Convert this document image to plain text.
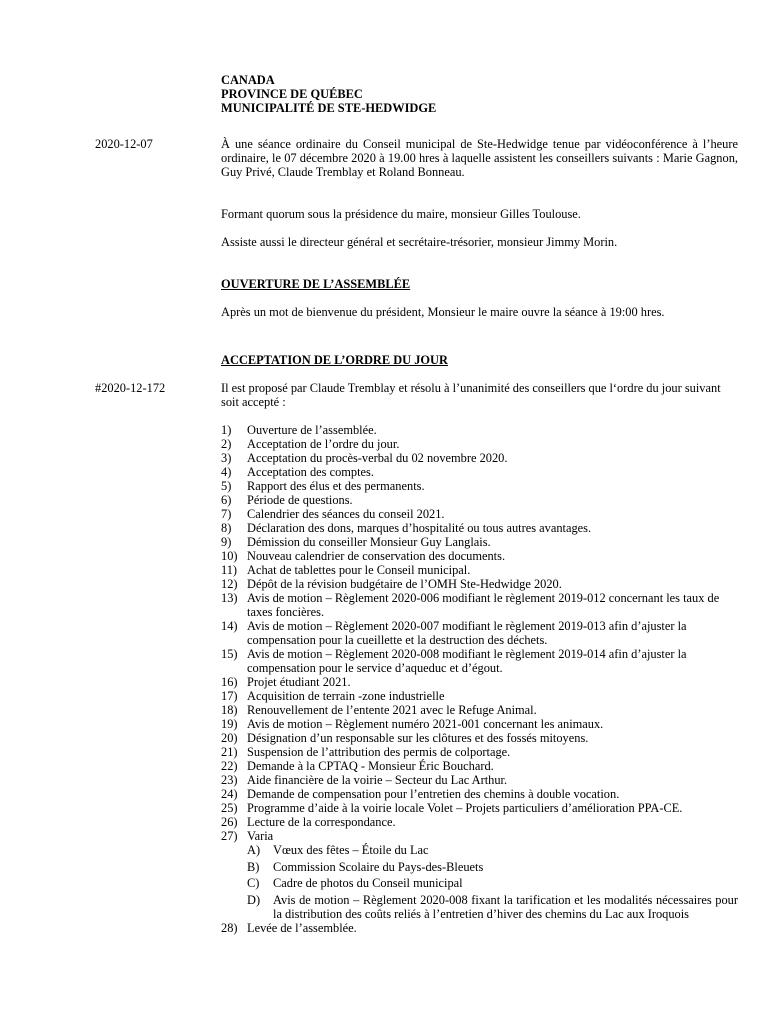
CANADA
PROVINCE DE QUÉBEC
MUNICIPALITÉ DE STE-HEDWIDGE
2020-12-07	À une séance ordinaire du Conseil municipal de Ste-Hedwidge tenue par vidéoconférence à l’heure ordinaire, le 07 décembre 2020 à 19.00 hres à laquelle assistent les conseillers suivants : Marie Gagnon, Guy Privé, Claude Tremblay et Roland Bonneau.
Formant quorum sous la présidence du maire, monsieur Gilles Toulouse.
Assiste aussi le directeur général et secrétaire-trésorier, monsieur Jimmy Morin.
OUVERTURE DE L’ASSEMBLÉE
Après un mot de bienvenue du président, Monsieur le maire ouvre la séance à 19:00 hres.
ACCEPTATION DE L’ORDRE DU JOUR
#2020-12-172	Il est proposé par Claude Tremblay et résolu à l’unanimité des conseillers que l‘ordre du jour suivant soit accepté :
1) Ouverture de l’assemblée.
2) Acceptation de l’ordre du jour.
3) Acceptation du procès-verbal du 02 novembre 2020.
4) Acceptation des comptes.
5) Rapport des élus et des permanents.
6) Période de questions.
7) Calendrier des séances du conseil 2021.
8) Déclaration des dons, marques d’hospitalité ou tous autres avantages.
9) Démission du conseiller Monsieur Guy Langlais.
10) Nouveau calendrier de conservation des documents.
11) Achat de tablettes pour le Conseil municipal.
12) Dépôt de la révision budgétaire de l’OMH Ste-Hedwidge 2020.
13) Avis de motion – Règlement 2020-006 modifiant le règlement 2019-012 concernant les taux de taxes foncières.
14) Avis de motion – Règlement 2020-007 modifiant le règlement 2019-013 afin d’ajuster la compensation pour la cueillette et la destruction des déchets.
15) Avis de motion – Règlement 2020-008 modifiant le règlement 2019-014 afin d’ajuster la compensation pour le service d’aqueduc et d’égout.
16) Projet étudiant 2021.
17) Acquisition de terrain -zone industrielle
18) Renouvellement de l’entente 2021 avec le Refuge Animal.
19) Avis de motion – Règlement numéro 2021-001 concernant les animaux.
20) Désignation d’un responsable sur les clôtures et des fossés mitoyens.
21) Suspension de l’attribution des permis de colportage.
22) Demande à la CPTAQ - Monsieur Éric Bouchard.
23) Aide financière de la voirie – Secteur du Lac Arthur.
24) Demande de compensation pour l’entretien des chemins à double vocation.
25) Programme d’aide à la voirie locale Volet – Projets particuliers d’amélioration PPA-CE.
26) Lecture de la correspondance.
27) Varia
A) Vœux des fêtes – Étoile du Lac
B) Commission Scolaire du Pays-des-Bleuets
C) Cadre de photos du Conseil municipal
D) Avis de motion – Règlement 2020-008 fixant la tarification et les modalités nécessaires pour la distribution des coûts reliés à l’entretien d’hiver des chemins du Lac aux Iroquois
28) Levée de l’assemblée.
